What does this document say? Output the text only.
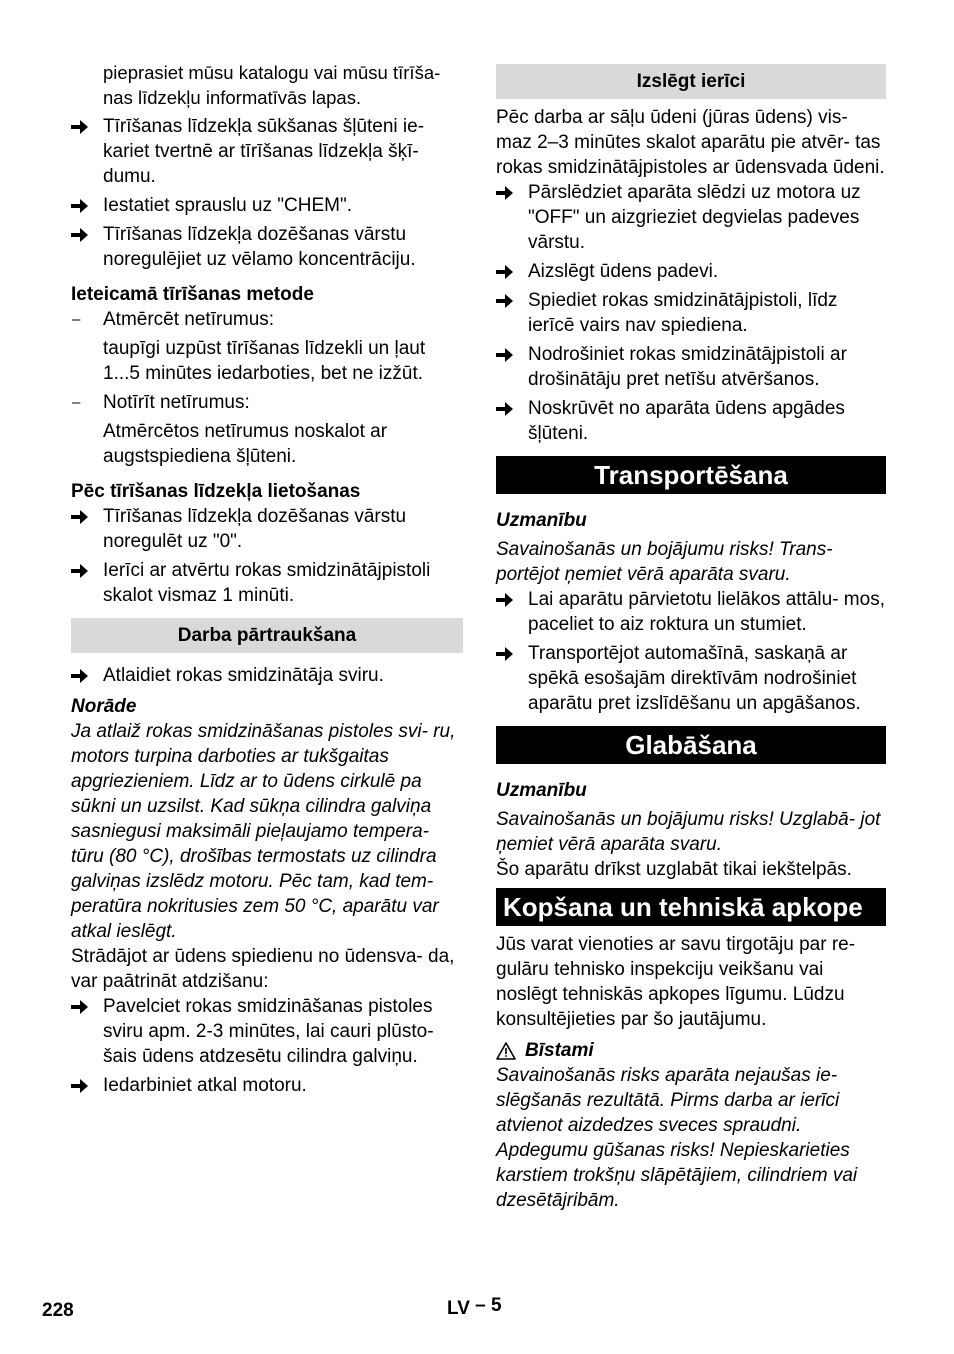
pieprasiet mūsu katalogu vai mūsu tīrīša-
nas līdzekļu informatīvās lapas.

Tīrīšanas līdzekļa sūkšanas šļūteni ie- kariet tvertnē ar tīrīšanas līdzekļa šķī- dumu.
Iestatiet sprauslu uz "CHEM".
Tīrīšanas līdzekļa dozēšanas vārstu noregulējiet uz vēlamo koncentrāciju.

Ieteicamā tīrīšanas metode

–	Atmērcēt netīrumus:

taupīgi uzpūst tīrīšanas līdzekli un ļaut 1...5 minūtes iedarboties, bet ne izžūt.

–	Notīrīt netīrumus:

Atmērcētos netīrumus noskalot ar augstspiediena šļūteni.

Pēc tīrīšanas līdzekļa lietošanas

Tīrīšanas līdzekļa dozēšanas vārstu noregulēt uz "0".
Ierīci ar atvērtu rokas smidzinātājpistoli skalot vismaz 1 minūti.
Darba pārtraukšana
Atlaidiet rokas smidzinātāja sviru.

Norāde

Ja atlaiž rokas smidzināšanas pistoles svi- ru, motors turpina darboties ar tukšgaitas apgriezieniem. Līdz ar to ūdens cirkulē pa sūkni un uzsilst. Kad sūkņa cilindra galviņa sasniegusi maksimāli pieļaujamo tempera- tūru (80 °C), drošības termostats uz cilindra galviņas izslēdz motoru. Pēc tam, kad tem- peratūra nokritusies zem 50 °C, aparātu var atkal ieslēgt.

Strādājot ar ūdens spiedienu no ūdensva- da, var paātrināt atdzišanu:

Pavelciet rokas smidzināšanas pistoles sviru apm. 2-3 minūtes, lai cauri plūsto- šais ūdens atdzesētu cilindra galviņu.
Iedarbiniet atkal motoru.
Izslēgt ierīci

Pēc darba ar sāļu ūdeni (jūras ūdens) vis- maz 2–3 minūtes skalot aparātu pie atvēr- tas rokas smidzinātājpistoles ar ūdensvada ūdeni.

Pārslēdziet aparāta slēdzi uz motora uz "OFF" un aizgrieziet degvielas padeves vārstu.
Aizslēgt ūdens padevi.
Spiediet rokas smidzinātājpistoli, līdz ierīcē vairs nav spiediena.
Nodrošiniet rokas smidzinātājpistoli ar drošinātāju pret netīšu atvēršanos.
Noskrūvēt no aparāta ūdens apgādes šļūteni.
Transportēšana

Uzmanību

Savainošanās un bojājumu risks! Trans- portējot ņemiet vērā aparāta svaru.

Lai aparātu pārvietotu lielākos attālu- mos, paceliet to aiz roktura un stumiet.
Transportējot automašīnā, saskaņā ar spēkā esošajām direktīvām nodrošiniet aparātu pret izslīdēšanu un apgāšanos.
Glabāšana

Uzmanību

Savainošanās un bojājumu risks! Uzglabā- jot ņemiet vērā aparāta svaru.

Šo aparātu drīkst uzglabāt tikai iekštelpās.

Kopšana un tehniskā apkope

Jūs varat vienoties ar savu tirgotāju par re- gulāru tehnisko inspekciju veikšanu vai noslēgt tehniskās apkopes līgumu. Lūdzu konsultējieties par šo jautājumu.

Bīstami

Savainošanās risks aparāta nejaušas ie- slēgšanās rezultātā. Pirms darba ar ierīci atvienot aizdedzes sveces spraudni. Apdegumu gūšanas risks! Nepieskarieties karstiem trokšņu slāpētājiem, cilindriem vai dzesētājribām.

228	LV – 5
